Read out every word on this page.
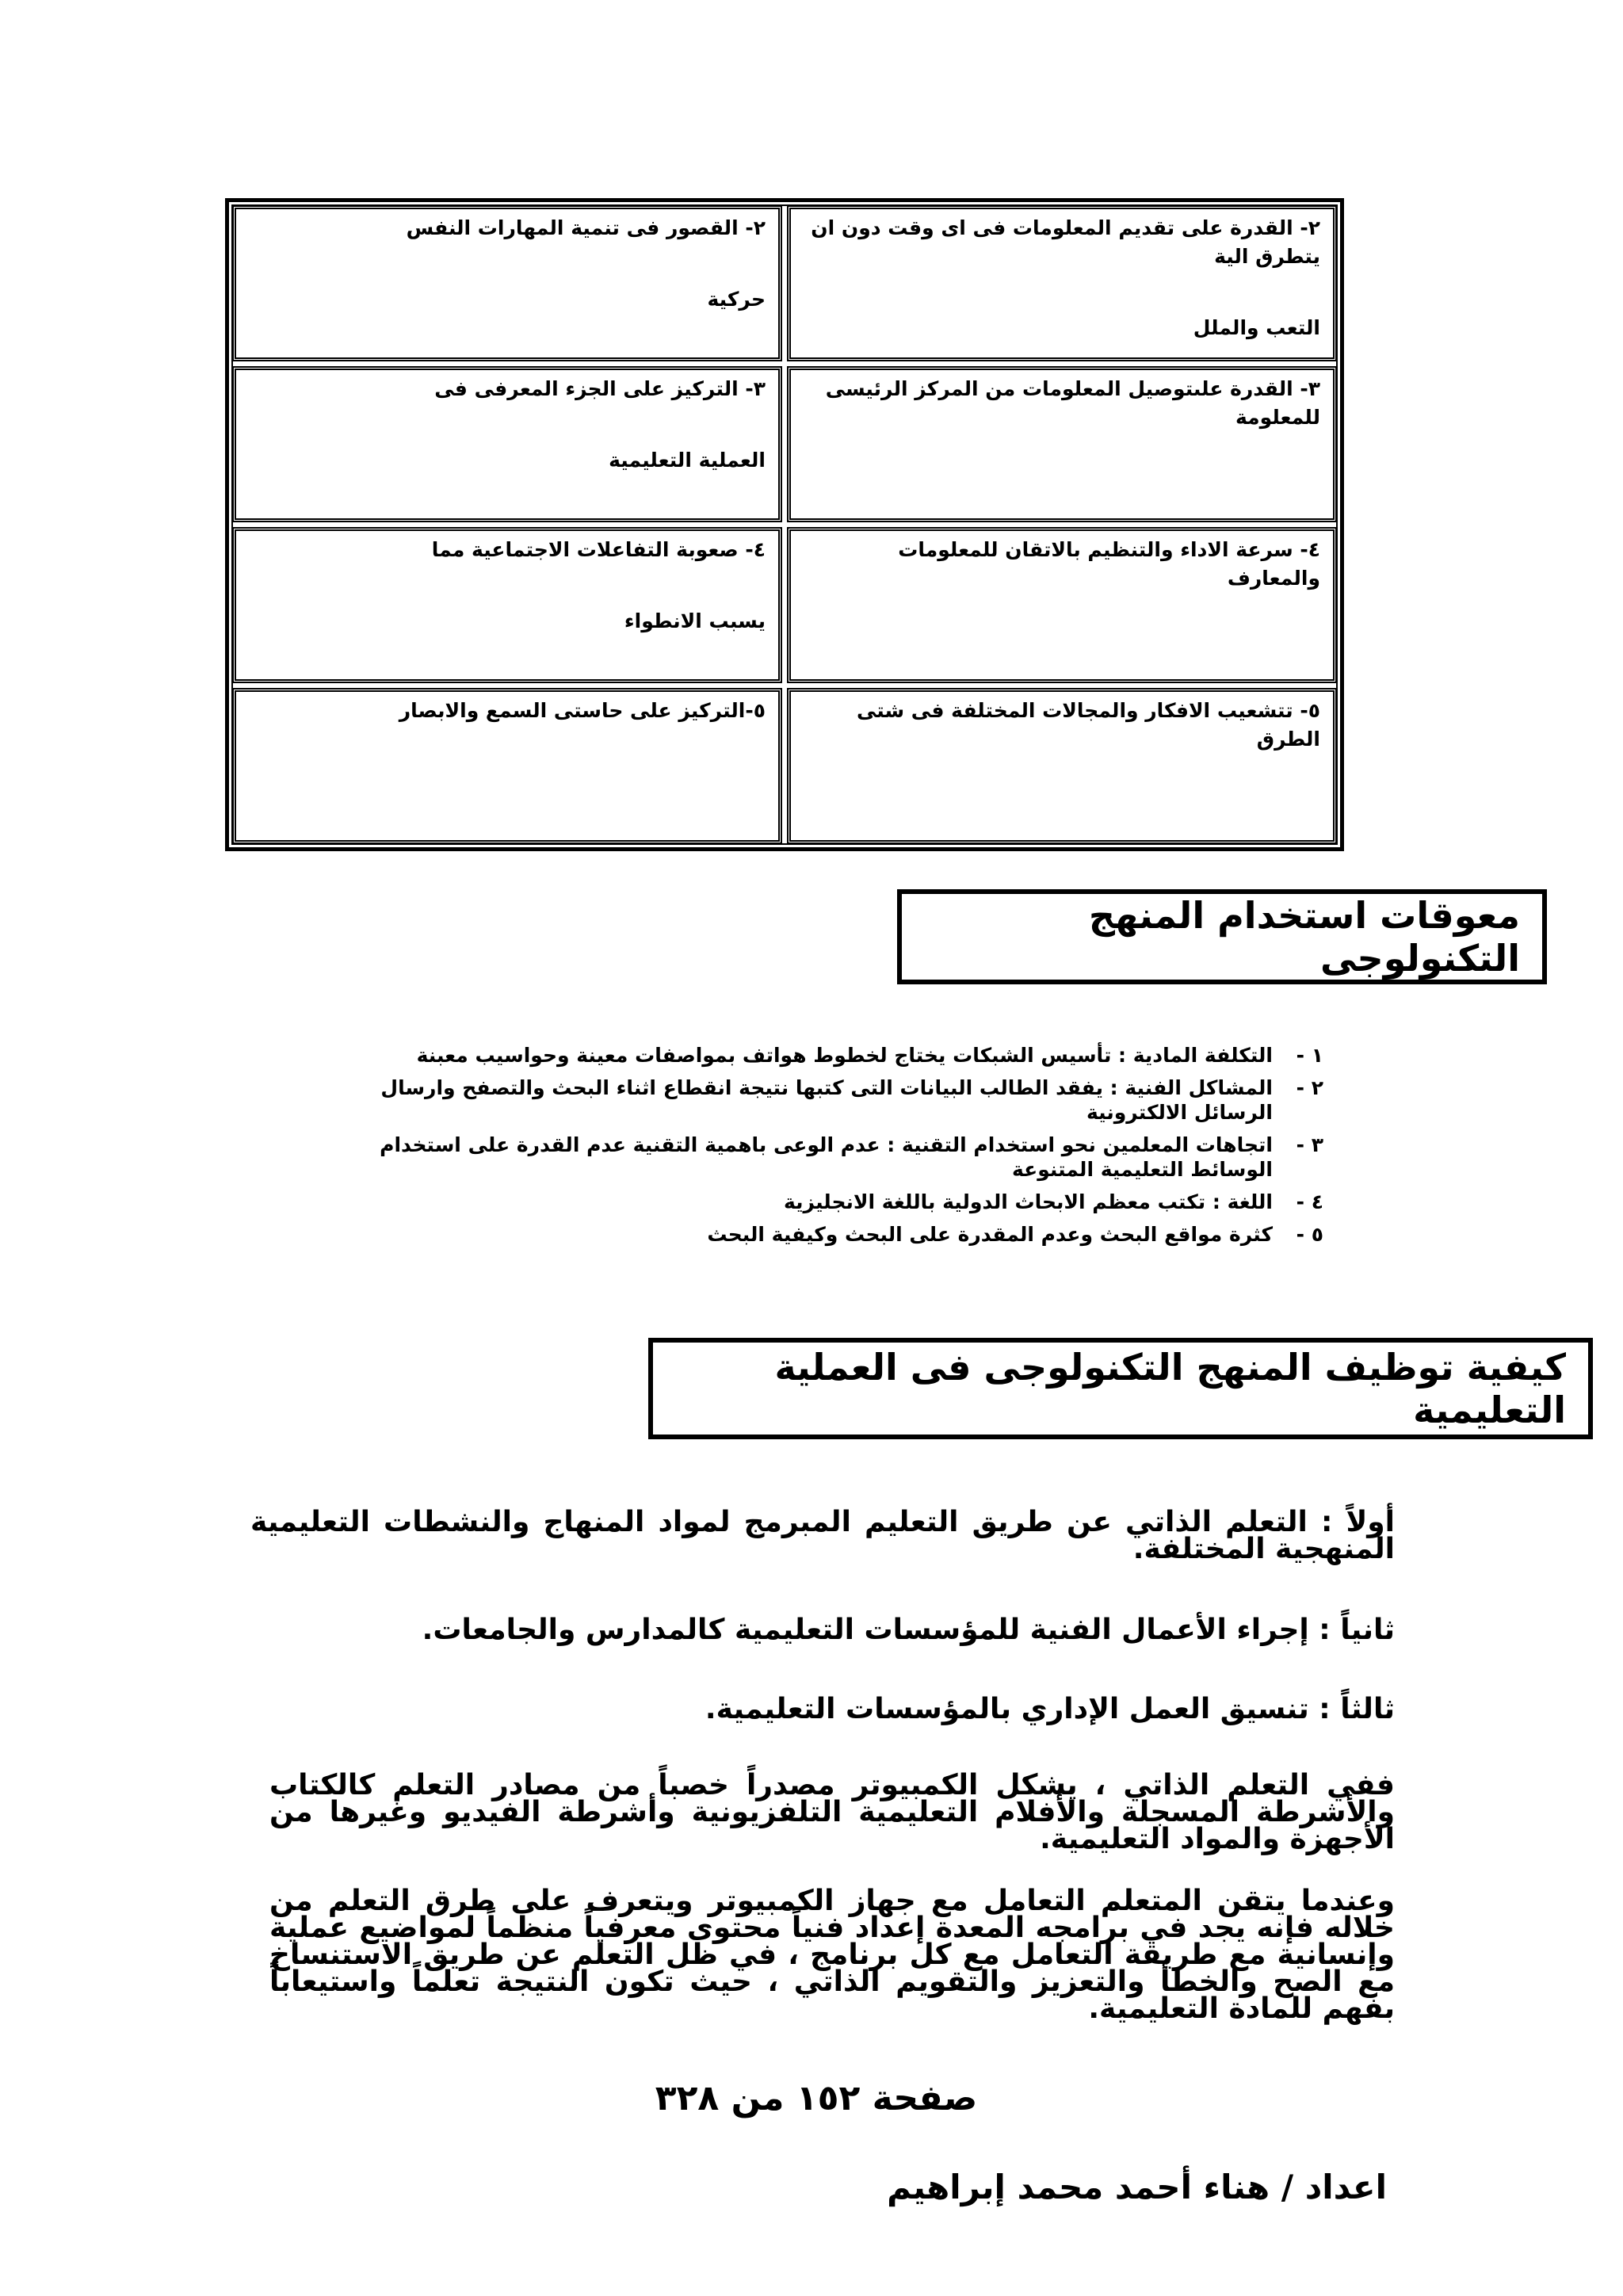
٢- القدرة على تقديم المعلومات فى اى وقت دون ان يتطرق الية
التعب والملل
٢- القصور فى تنمية المهارات النفس
حركية
٣- القدرة علىتوصيل المعلومات من المركز الرئيسى للمعلومة
٣- التركيز على الجزء المعرفى فى
العملية التعليمية
٤- سرعة الاداء والتنظيم بالاتقان للمعلومات والمعارف
٤- صعوبة التفاعلات الاجتماعية مما
يسبب الانطواء
٥- تتشعيب الافكار والمجالات المختلفة فى شتى الطرق
٥-التركيز على حاستى السمع والابصار
معوقات استخدام المنهج التكنولوجى
١ -
التكلفة المادية : تأسيس الشبكات يختاج لخطوط هواتف بمواصفات معينة وحواسيب معبنة
٢ -
المشاكل الفنية : يفقد الطالب البيانات التى كتبها نتيجة انقطاع اثناء البحث والتصفح وارسال الرسائل الالكترونية
٣ -
اتجاهات المعلمين نحو استخدام التقنية : عدم الوعى باهمية التقنية عدم القدرة على استخدام الوسائط التعليمية المتنوعة
٤ -
اللغة : تكتب معظم الابحاث الدولية باللغة الانجليزية
٥ -
كثرة مواقع البحث وعدم المقدرة على البحث وكيفية البحث
كيفية توظيف المنهج التكنولوجى فى العملية التعليمية
أولاً : التعلم الذاتي عن طريق التعليم المبرمج لمواد المنهاج والنشطات التعليمية المنهجية المختلفة.
ثانياً : إجراء الأعمال الفنية للمؤسسات التعليمية كالمدارس والجامعات.
ثالثاً : تنسيق العمل الإداري بالمؤسسات التعليمية.
ففي التعلم الذاتي ، يشكل الكمبيوتر مصدراً خصباً من مصادر التعلم كالكتاب والأشرطة المسجلة والأفلام التعليمية التلفزيونية وأشرطة الفيديو وغيرها من الأجهزة والمواد التعليمية.
وعندما يتقن المتعلم التعامل مع جهاز الكمبيوتر ويتعرف على طرق التعلم من خلاله فإنه يجد في برامجه المعدة إعداد فنياً محتوى معرفياً منظماً لمواضيع عملية وإنسانية مع طريقة التعامل مع كل برنامج ، في ظل التعلم عن طريق الاستنساخ مع الصح والخطأ والتعزيز والتقويم الذاتي ، حيث تكون النتيجة تعلماً واستيعاباً بفهم للمادة التعليمية.
صفحة ١٥٢ من ٣٢٨
اعداد / هناء أحمد محمد إبراهيم
